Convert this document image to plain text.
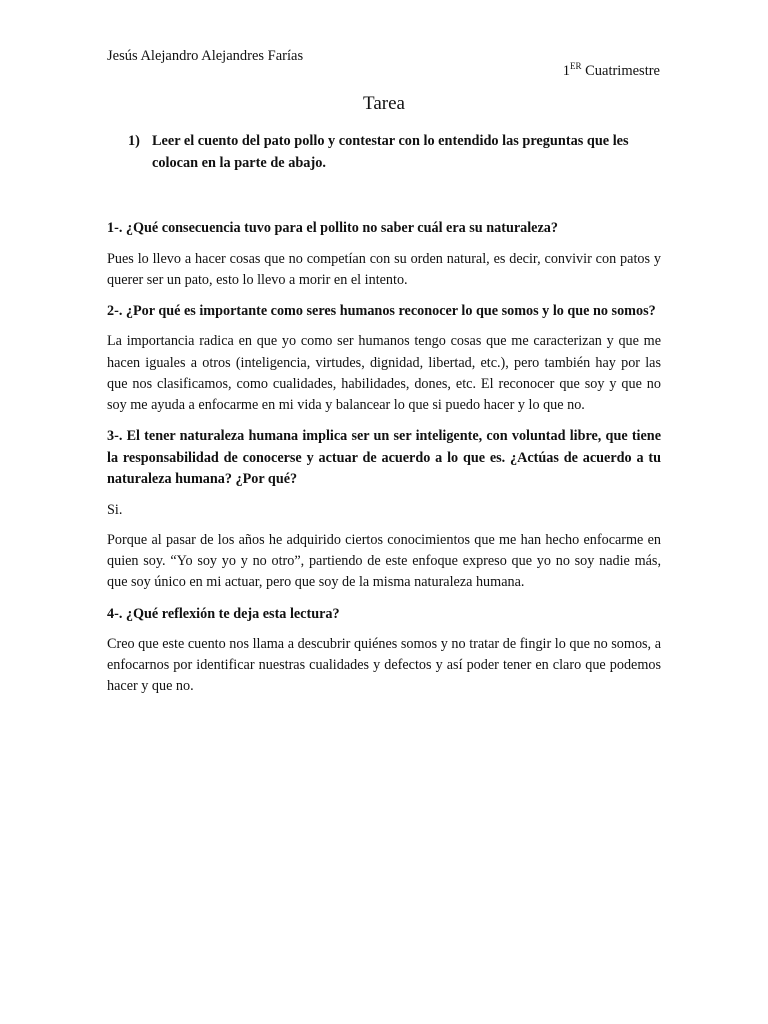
Jesús Alejandro Alejandres Farías
1ER Cuatrimestre
Tarea
1) Leer el cuento del pato pollo y contestar con lo entendido las preguntas que les colocan en la parte de abajo.

1-. ¿Qué consecuencia tuvo para el pollito no saber cuál era su naturaleza?

Pues lo llevo a hacer cosas que no competían con su orden natural, es decir, convivir con patos y querer ser un pato, esto lo llevo a morir en el intento.

2-. ¿Por qué es importante como seres humanos reconocer lo que somos y lo que no somos?

La importancia radica en que yo como ser humanos tengo cosas que me caracterizan y que me hacen iguales a otros (inteligencia, virtudes, dignidad, libertad, etc.), pero también hay por las que nos clasificamos, como cualidades, habilidades, dones, etc. El reconocer que soy y que no soy me ayuda a enfocarme en mi vida y balancear lo que si puedo hacer y lo que no.

3-. El tener naturaleza humana implica ser un ser inteligente, con voluntad libre, que tiene la responsabilidad de conocerse y actuar de acuerdo a lo que es. ¿Actúas de acuerdo a tu naturaleza humana? ¿Por qué?

Si.

Porque al pasar de los años he adquirido ciertos conocimientos que me han hecho enfocarme en quien soy. “Yo soy yo y no otro”, partiendo de este enfoque expreso que yo no soy nadie más, que soy único en mi actuar, pero que soy de la misma naturaleza humana.

4-. ¿Qué reflexión te deja esta lectura?

Creo que este cuento nos llama a descubrir quiénes somos y no tratar de fingir lo que no somos, a enfocarnos por identificar nuestras cualidades y defectos y así poder tener en claro que podemos hacer y que no.
